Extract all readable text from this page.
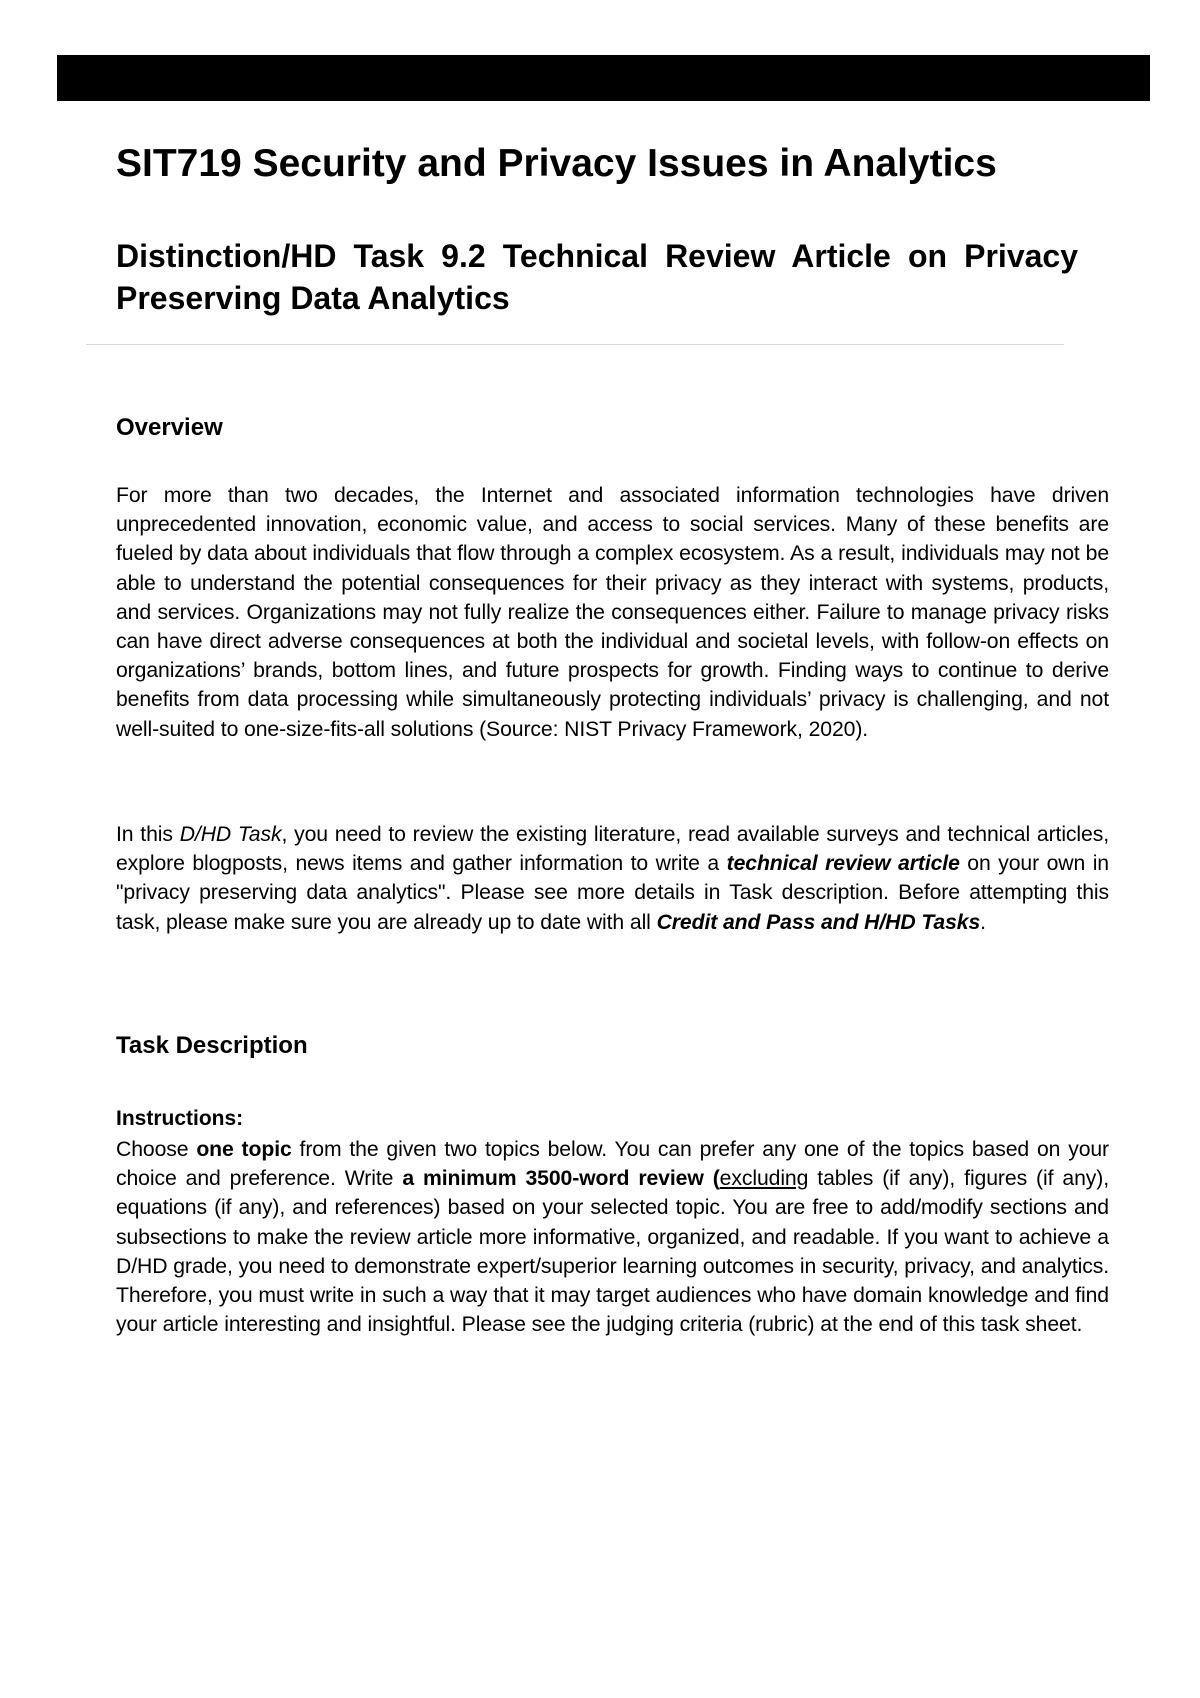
SIT719 Security and Privacy Issues in Analytics
Distinction/HD Task 9.2 Technical Review Article on Privacy Preserving Data Analytics
Overview

For more than two decades, the Internet and associated information technologies have driven unprecedented innovation, economic value, and access to social services. Many of these benefits are fueled by data about individuals that flow through a complex ecosystem. As a result, individuals may not be able to understand the potential consequences for their privacy as they interact with systems, products, and services. Organizations may not fully realize the consequences either. Failure to manage privacy risks can have direct adverse consequences at both the individual and societal levels, with follow-on effects on organizations’ brands, bottom lines, and future prospects for growth. Finding ways to continue to derive benefits from data processing while simultaneously protecting individuals’ privacy is challenging, and not well-suited to one-size-fits-all solutions (Source: NIST Privacy Framework, 2020).

In this D/HD Task, you need to review the existing literature, read available surveys and technical articles, explore blogposts, news items and gather information to write a technical review article on your own in "privacy preserving data analytics". Please see more details in Task description. Before attempting this task, please make sure you are already up to date with all Credit and Pass and H/HD Tasks.

Task Description
Instructions:

Choose one topic from the given two topics below. You can prefer any one of the topics based on your choice and preference. Write a minimum 3500-word review (excluding tables (if any), figures (if any), equations (if any), and references) based on your selected topic. You are free to add/modify sections and subsections to make the review article more informative, organized, and readable. If you want to achieve a D/HD grade, you need to demonstrate expert/superior learning outcomes in security, privacy, and analytics. Therefore, you must write in such a way that it may target audiences who have domain knowledge and find your article interesting and insightful. Please see the judging criteria (rubric) at the end of this task sheet.
